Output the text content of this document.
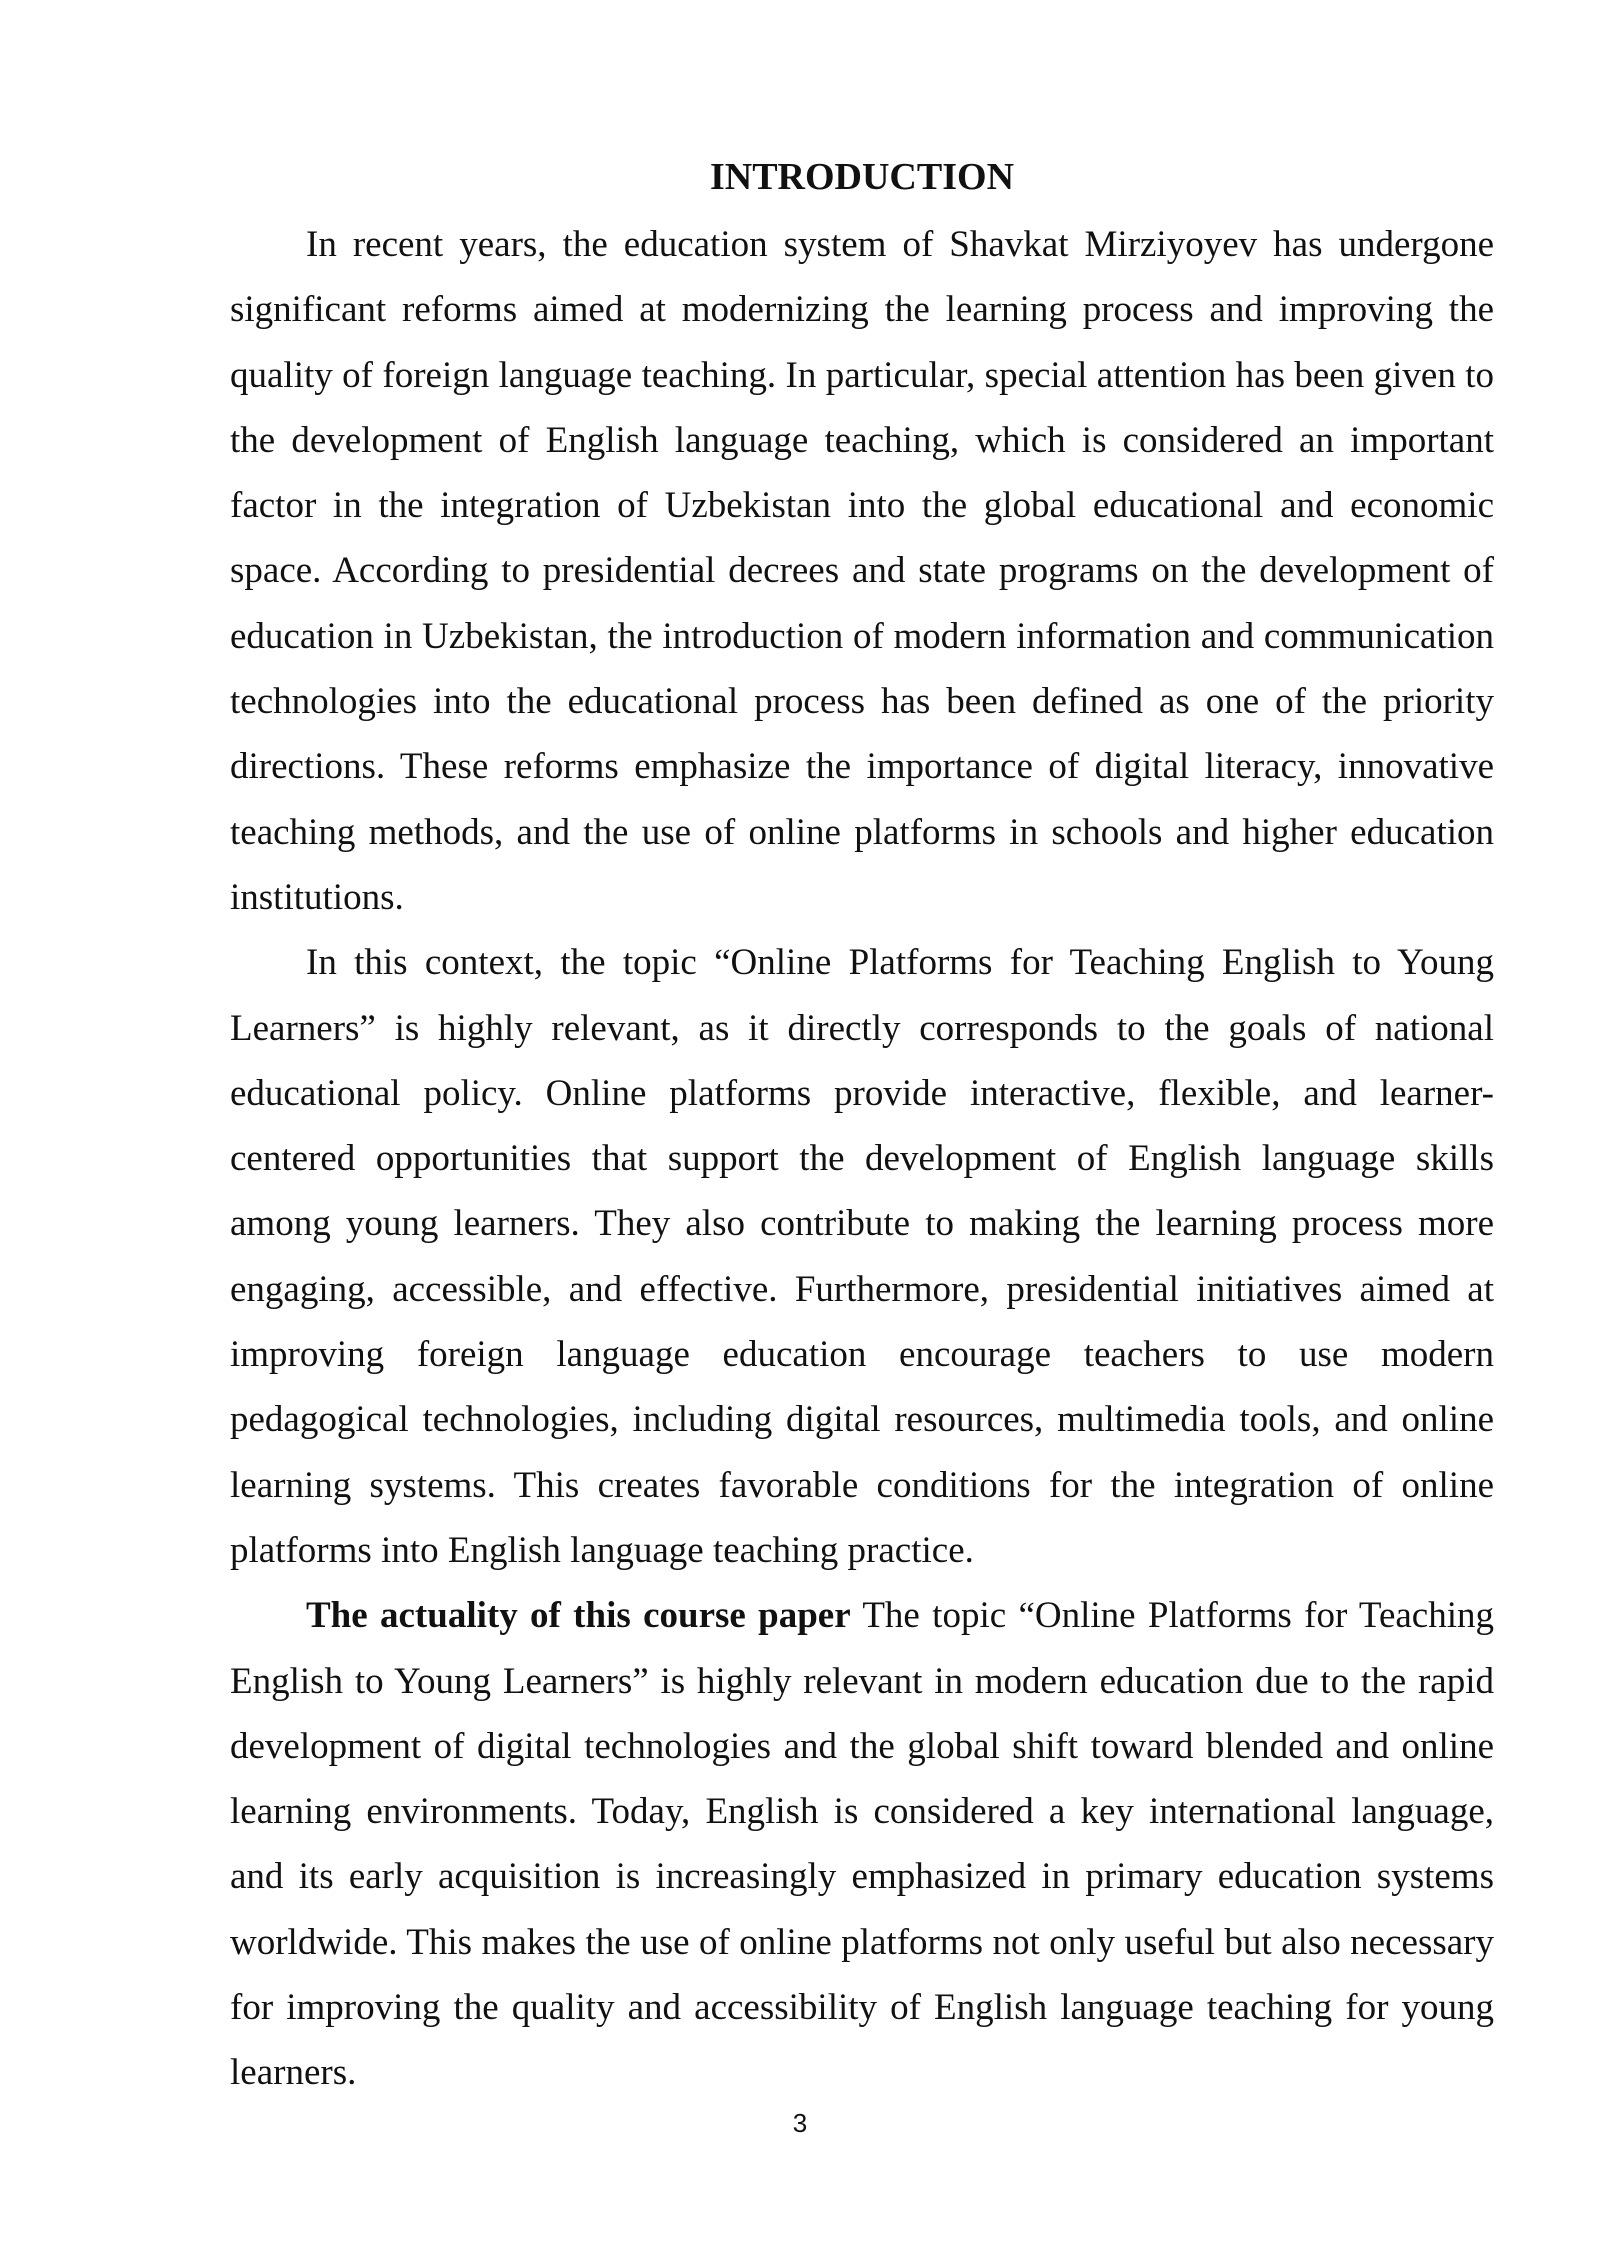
INTRODUCTION

In recent years, the education system of Shavkat Mirziyoyev has undergone significant reforms aimed at modernizing the learning process and improving the quality of foreign language teaching. In particular, special attention has been given to the development of English language teaching, which is considered an important factor in the integration of Uzbekistan into the global educational and economic space. According to presidential decrees and state programs on the development of education in Uzbekistan, the introduction of modern information and communication technologies into the educational process has been defined as one of the priority directions. These reforms emphasize the importance of digital literacy, innovative teaching methods, and the use of online platforms in schools and higher education institutions.

In this context, the topic “Online Platforms for Teaching English to Young Learners” is highly relevant, as it directly corresponds to the goals of national educational policy. Online platforms provide interactive, flexible, and learner-centered opportunities that support the development of English language skills among young learners. They also contribute to making the learning process more engaging, accessible, and effective. Furthermore, presidential initiatives aimed at improving foreign language education encourage teachers to use modern pedagogical technologies, including digital resources, multimedia tools, and online learning systems. This creates favorable conditions for the integration of online platforms into English language teaching practice.

The actuality of this course paper The topic “Online Platforms for Teaching English to Young Learners” is highly relevant in modern education due to the rapid development of digital technologies and the global shift toward blended and online learning environments. Today, English is considered a key international language, and its early acquisition is increasingly emphasized in primary education systems worldwide. This makes the use of online platforms not only useful but also necessary for improving the quality and accessibility of English language teaching for young learners.

3
